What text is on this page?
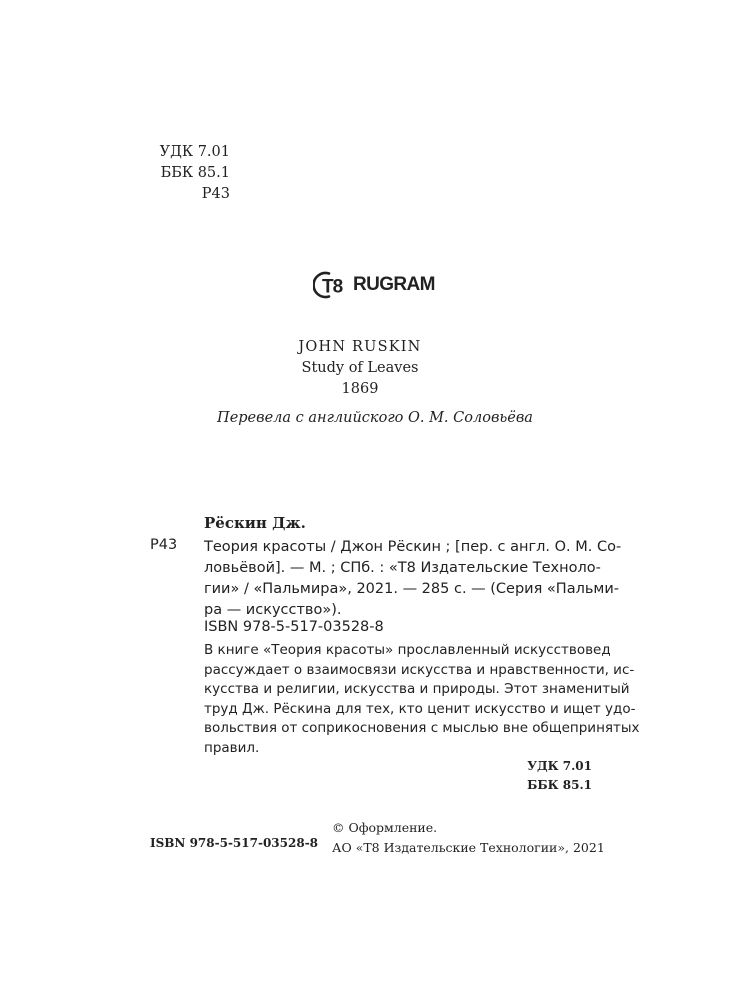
УДК 7.01
ББК 85.1
Р43
Т8 RUGRAM
JOHN RUSKIN
Study of Leaves
1869
Перевела с английского О. М. Соловьёва
Рёскин Дж.
Р43 Теория красоты / Джон Рёскин ; [пер. с англ. О. М. Со-
ловьёвой]. — М. ; СПб. : «Т8 Издательские Техноло-
гии» / «Пальмира», 2021. — 285 с. — (Серия «Пальми-
ра — искусство»).
ISBN 978-5-517-03528-8
В книге «Теория красоты» прославленный искусствовед
рассуждает о взаимосвязи искусства и нравственности, ис-
кусства и религии, искусства и природы. Этот знаменитый
труд Дж. Рёскина для тех, кто ценит искусство и ищет удо-
вольствия от соприкосновения с мыслью вне общепринятых
правил.
УДК 7.01
ББК 85.1
ISBN 978-5-517-03528-8
© Оформление.
АО «Т8 Издательские Технологии», 2021
